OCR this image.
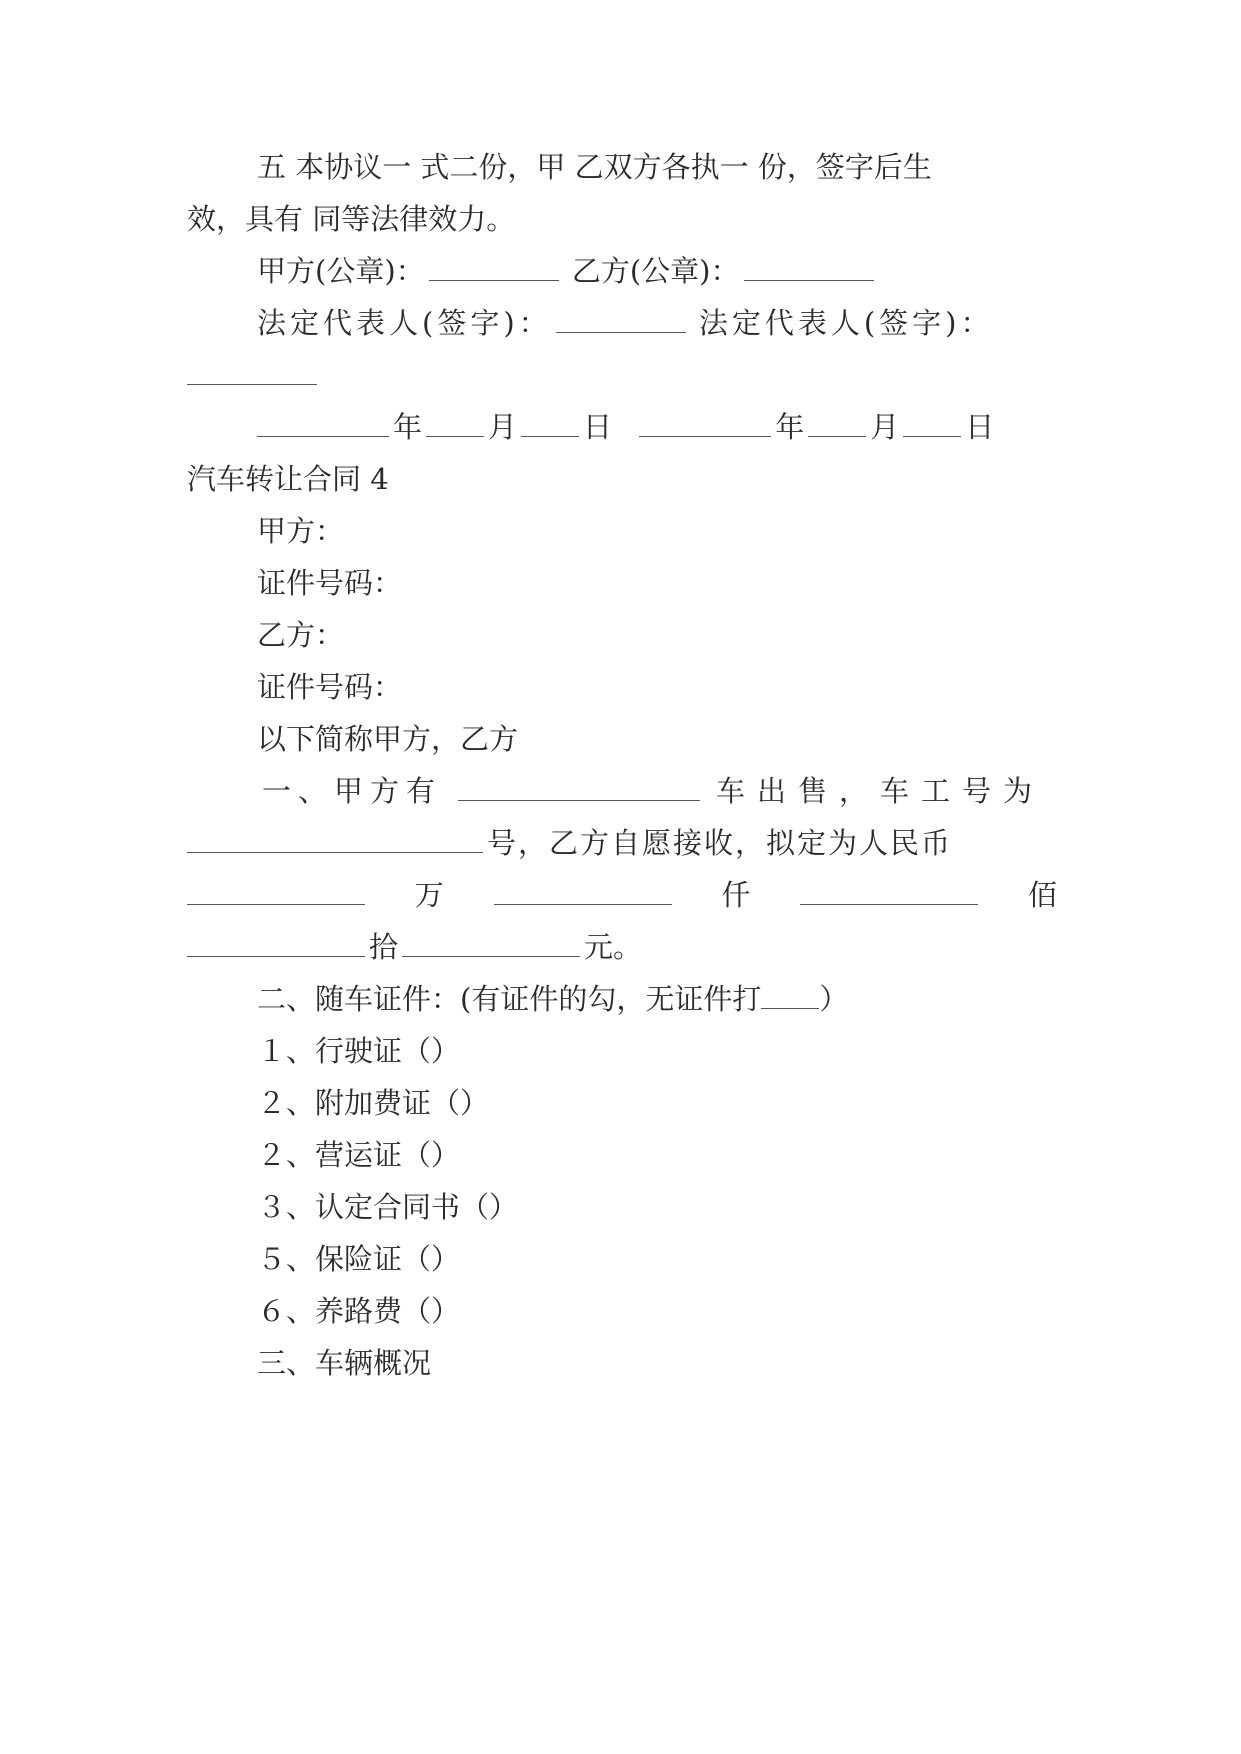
五 本协议一 式二份，甲 乙双方各执一 份，签字后生
效，具有 同等法律效力。
甲方(公章)：	乙方(公章)：
法定代表人(签字)：	法定代表人(签字)：
年 月 日	年 月 日
汽车转让合同 4
甲方：
证件号码：
乙方：
证件号码：
以下简称甲方，乙方
一、甲方有	车出售，车工号为
号，乙方自愿接收，拟定为人民币
万	仟	佰
拾	元。
二、随车证件：(有证件的勾，无证件打 ）
１、行驶证（）
２、附加费证（）
２、营运证（）
３、认定合同书（）
５、保险证（）
６、养路费（）
三、车辆概况
